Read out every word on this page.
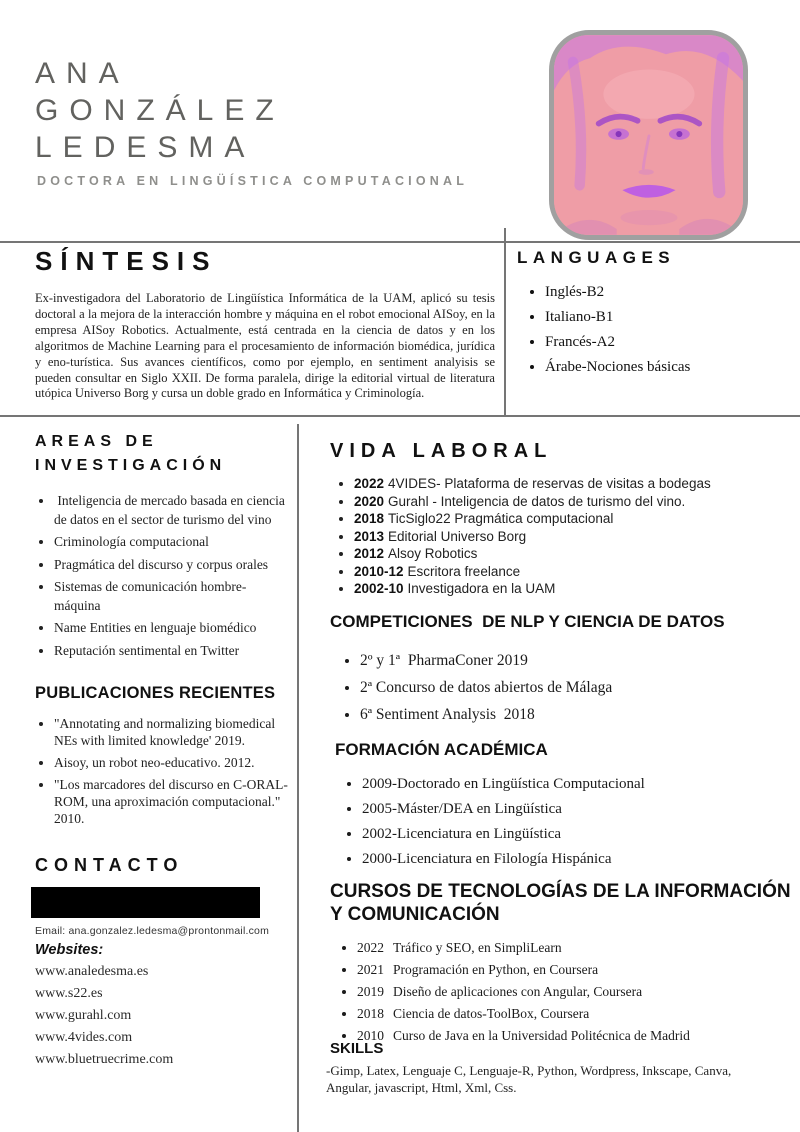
ANA
GONZÁLEZ
LEDESMA
DOCTORA EN LINGÜÍSTICA COMPUTACIONAL
SÍNTESIS

Ex-investigadora del Laboratorio de Lingüística Informática de la UAM, aplicó su tesis doctoral a la mejora de la interacción hombre y máquina en el robot emocional AISoy, en la empresa AISoy Robotics. Actualmente, está centrada en la ciencia de datos y en los algoritmos de Machine Learning para el procesamiento de información biomédica, jurídica y eno-turística. Sus avances científicos, como por ejemplo, en sentiment analyisis se pueden consultar en Siglo XXII. De forma paralela, dirige la editorial virtual de literatura utópica Universo Borg y cursa un doble grado en Informática y Criminología.

LANGUAGES
• Inglés-B2
• Italiano-B1
• Francés-A2
• Árabe-Nociones básicas
AREAS DE INVESTIGACIÓN
•  Inteligencia de mercado basada en ciencia de datos en el sector de turismo del vino
• Criminología computacional
• Pragmática del discurso y corpus orales
• Sistemas de comunicación hombre-máquina
• Name Entities en lenguaje biomédico
• Reputación sentimental en Twitter
PUBLICACIONES RECIENTES
• "Annotating and normalizing biomedical NEs with limited knowledge' 2019.
• Aisoy, un robot neo-educativo. 2012.
• "Los marcadores del discurso en C-ORAL-ROM, una aproximación computacional." 2010.
CONTACTO
Email: ana.gonzalez.ledesma@prontonmail.com
Websites:
www.analedesma.es
www.s22.es
www.gurahl.com
www.4vides.com
www.bluetruecrime.com
VIDA LABORAL
• 2022 4VIDES- Plataforma de reservas de visitas a bodegas
• 2020 Gurahl - Inteligencia de datos de turismo del vino.
• 2018 TicSiglo22 Pragmática computacional
• 2013 Editorial Universo Borg
• 2012 Alsoy Robotics
• 2010-12 Escritora freelance
• 2002-10 Investigadora en la UAM
COMPETICIONES  DE NLP Y CIENCIA DE DATOS
• 2º y 1ª  PharmaConer 2019
• 2ª Concurso de datos abiertos de Málaga
• 6ª Sentiment Analysis  2018
FORMACIÓN ACADÉMICA
• 2009-Doctorado en Lingüística Computacional
• 2005-Máster/DEA en Lingüística
• 2002-Licenciatura en Lingüística
• 2000-Licenciatura en Filología Hispánica
CURSOS DE TECNOLOGÍAS DE LA INFORMACIÓN Y COMUNICACIÓN
• 2022 Tráfico y SEO, en SimpliLearn
• 2021 Programación en Python, en Coursera
• 2019 Diseño de aplicaciones con Angular, Coursera
• 2018 Ciencia de datos-ToolBox, Coursera
• 2010 Curso de Java en la Universidad Politécnica de Madrid
SKILLS

-Gimp, Latex, Lenguaje C, Lenguaje-R, Python, Wordpress, Inkscape, Canva, Angular, javascript, Html, Xml, Css.
